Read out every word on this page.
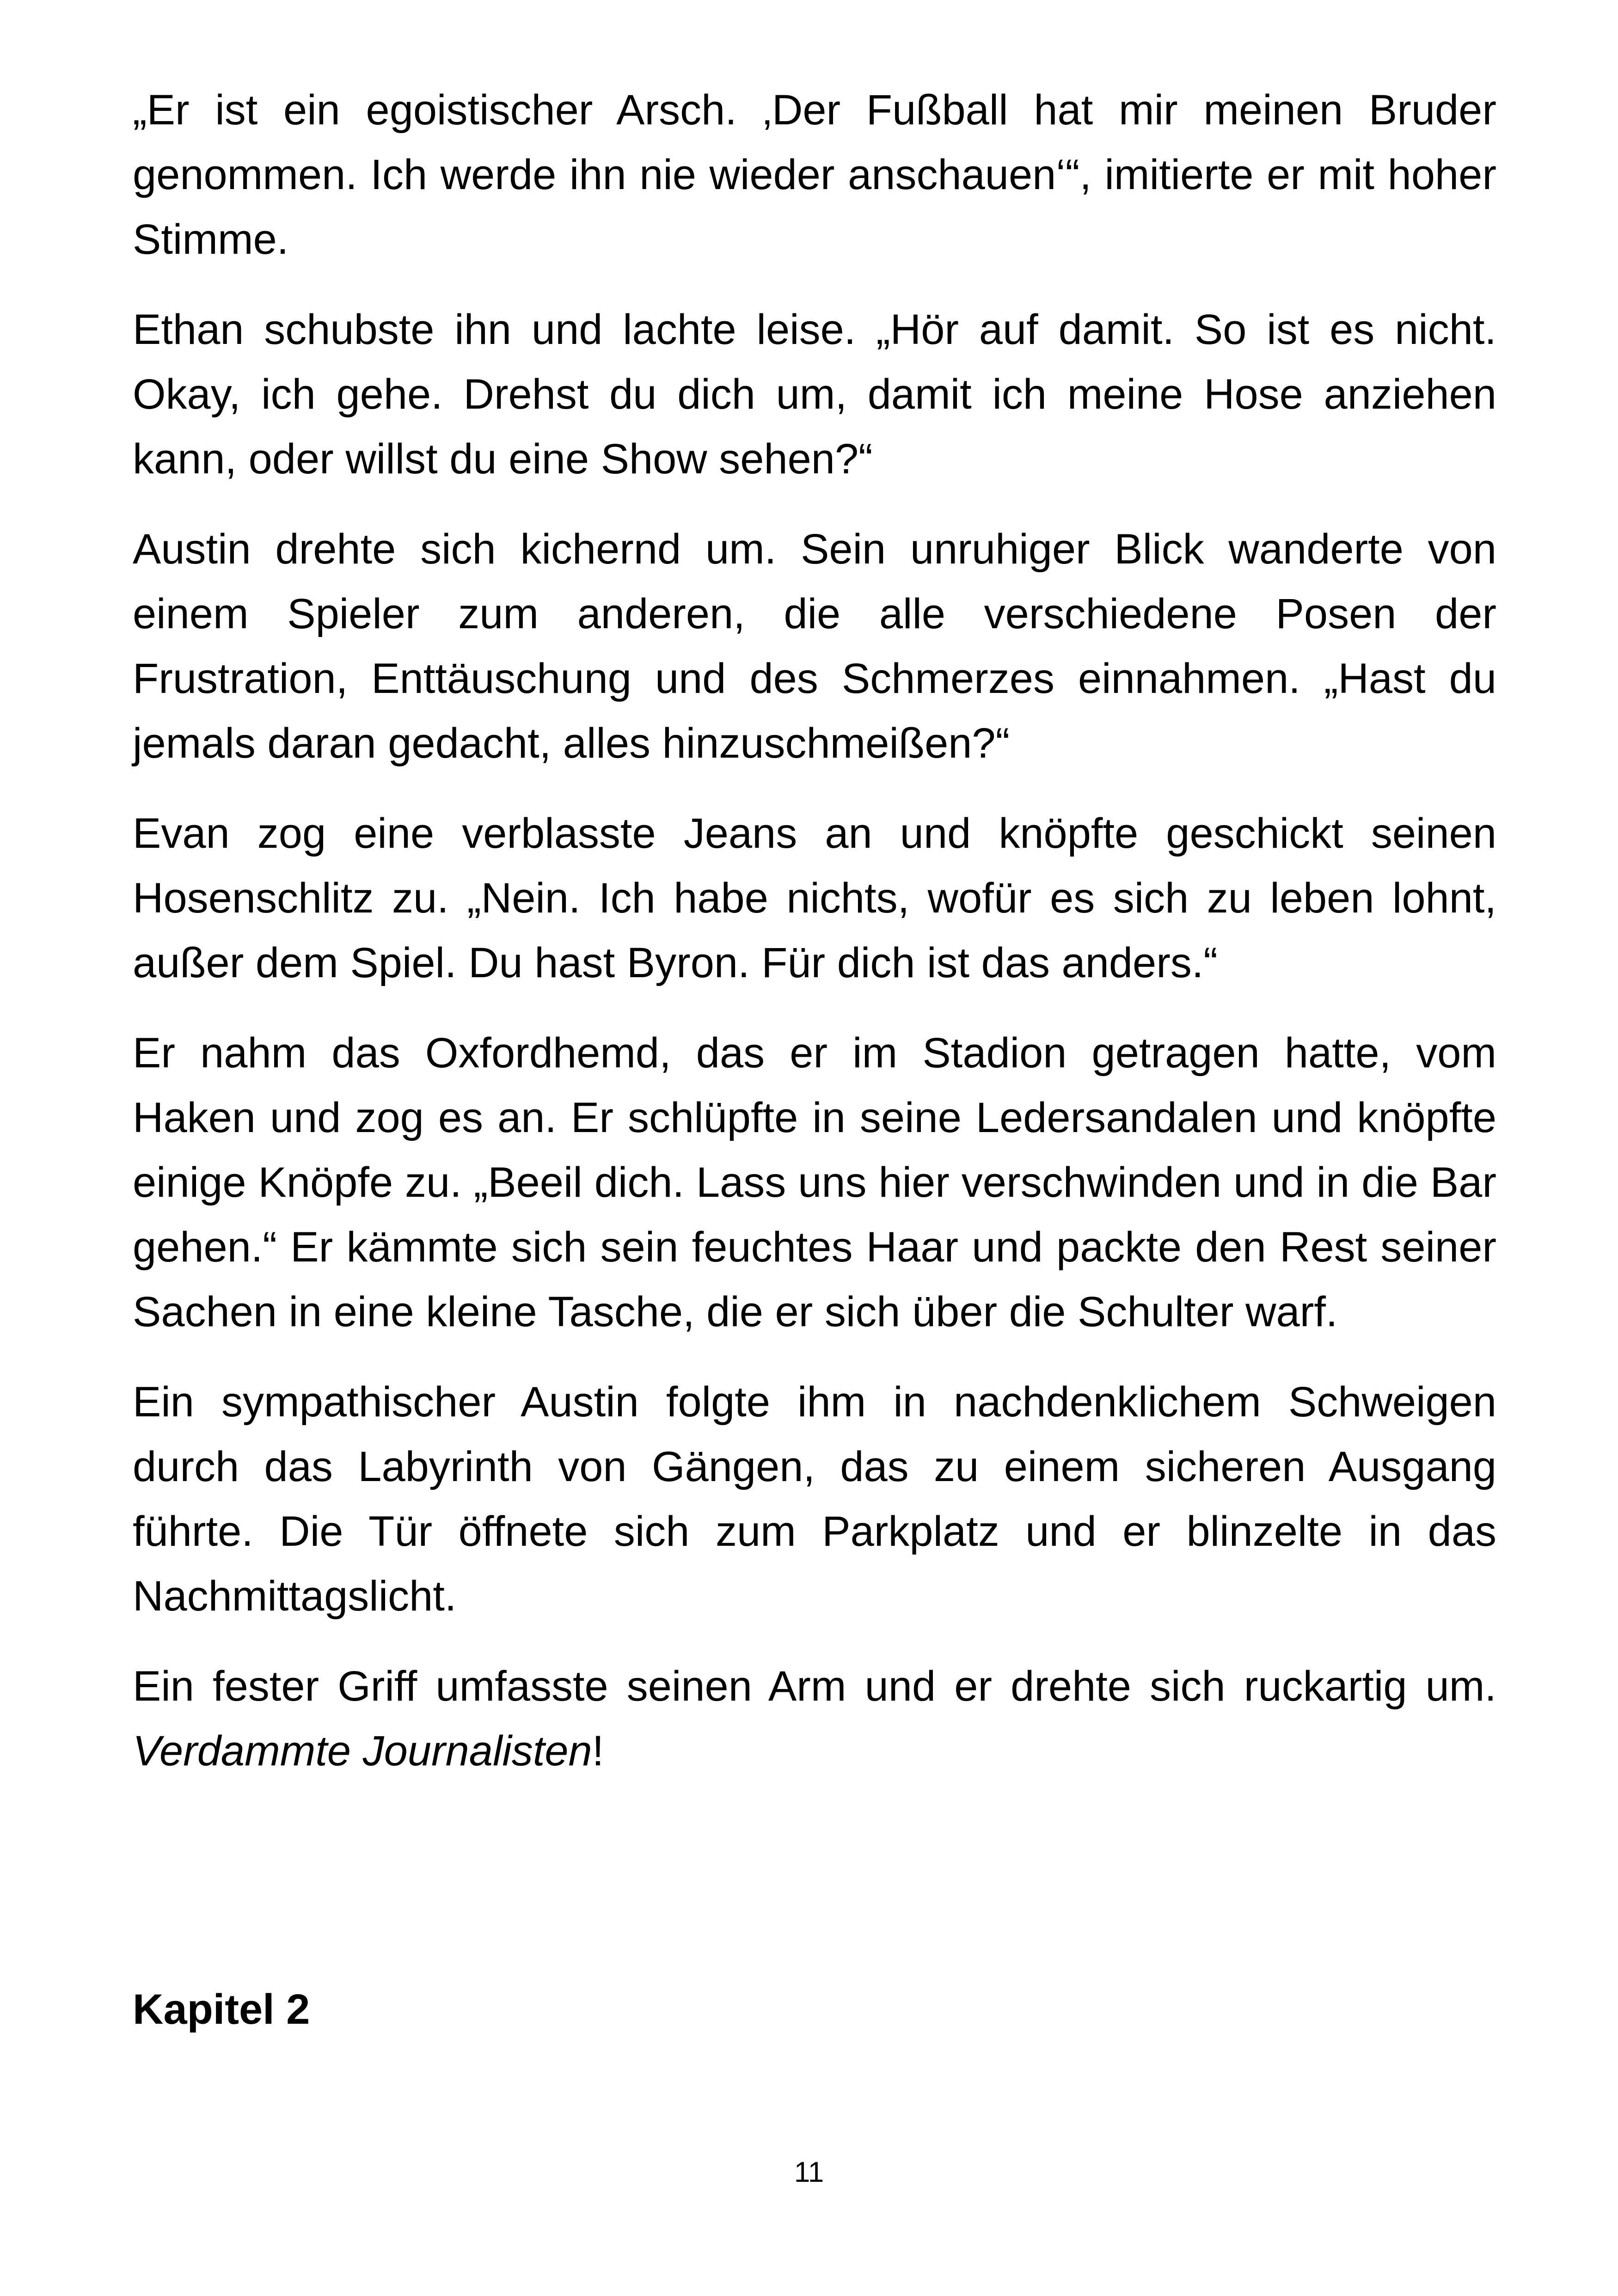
„Er ist ein egoistischer Arsch. ‚Der Fußball hat mir meinen Bruder genommen. Ich werde ihn nie wieder anschauen‘“, imitierte er mit hoher Stimme.

Ethan schubste ihn und lachte leise. „Hör auf damit. So ist es nicht. Okay, ich gehe. Drehst du dich um, damit ich meine Hose anziehen kann, oder willst du eine Show sehen?“

Austin drehte sich kichernd um. Sein unruhiger Blick wanderte von einem Spieler zum anderen, die alle verschiedene Posen der Frustration, Enttäuschung und des Schmerzes einnahmen. „Hast du jemals daran gedacht, alles hinzuschmeißen?“

Evan zog eine verblasste Jeans an und knöpfte geschickt seinen Hosenschlitz zu. „Nein. Ich habe nichts, wofür es sich zu leben lohnt, außer dem Spiel. Du hast Byron. Für dich ist das anders.“

Er nahm das Oxfordhemd, das er im Stadion getragen hatte, vom Haken und zog es an. Er schlüpfte in seine Ledersandalen und knöpfte einige Knöpfe zu. „Beeil dich. Lass uns hier verschwinden und in die Bar gehen.“ Er kämmte sich sein feuchtes Haar und packte den Rest seiner Sachen in eine kleine Tasche, die er sich über die Schulter warf.

Ein sympathischer Austin folgte ihm in nachdenklichem Schweigen durch das Labyrinth von Gängen, das zu einem sicheren Ausgang führte. Die Tür öffnete sich zum Parkplatz und er blinzelte in das Nachmittagslicht.

Ein fester Griff umfasste seinen Arm und er drehte sich ruckartig um. Verdammte Journalisten!

Kapitel 2
11
